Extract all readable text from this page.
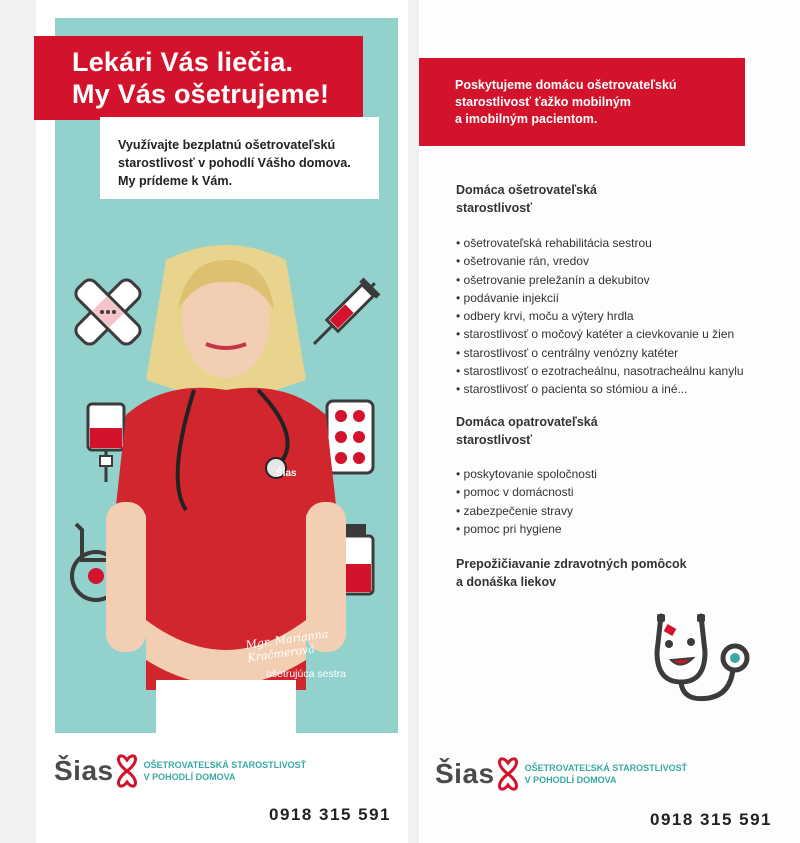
Lekári Vás liečia.
My Vás ošetrujeme!
Využívajte bezplatnú ošetrovateľskú
starostlivosť v pohodlí Vášho domova.
My prídeme k Vám.
Šias
Mgr. Marianna Kračmerová
ošetrujúca sestra
Šias	OŠETROVATEĽSKÁ STAROSTLIVOSŤ
V POHODLÍ DOMOVA
0918 315 591
Poskytujeme domácu ošetrovateľskú
starostlivosť ťažko mobilným
a imobilným pacientom.
Domáca ošetrovateľská
starostlivosť
• ošetrovateľská rehabilitácia sestrou
• ošetrovanie rán, vredov
• ošetrovanie preležanín a dekubitov
• podávanie injekcií
• odbery krvi, moču a výtery hrdla
• starostlivosť o močový katéter a cievkovanie u žien
• starostlivosť o centrálny venózny katéter
• starostlivosť o ezotracheálnu, nasotracheálnu kanylu
• starostlivosť o pacienta so stómiou a iné...
Domáca opatrovateľská
starostlivosť
• poskytovanie spoločnosti
• pomoc v domácnosti
• zabezpečenie stravy
• pomoc pri hygiene
Prepožičiavanie zdravotných pomôcok
a donáška liekov
Šias	OŠETROVATEĽSKÁ STAROSTLIVOSŤ
V POHODLÍ DOMOVA
0918 315 591
